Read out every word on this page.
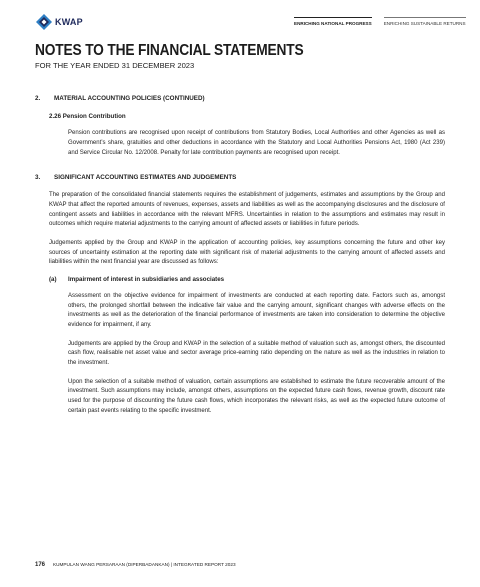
KWAP	ENRICHING NATIONAL PROGRESS	ENRICHING SUSTAINABLE RETURNS
NOTES TO THE FINANCIAL STATEMENTS
FOR THE YEAR ENDED 31 DECEMBER 2023
2.	MATERIAL ACCOUNTING POLICIES (CONTINUED)
2.26 Pension Contribution

Pension contributions are recognised upon receipt of contributions from Statutory Bodies, Local Authorities and other Agencies as well as Government’s share, gratuities and other deductions in accordance with the Statutory and Local Authorities Pensions Act, 1980 (Act 239) and Service Circular No. 12/2008. Penalty for late contribution payments are recognised upon receipt.

3.	SIGNIFICANT ACCOUNTING ESTIMATES AND JUDGEMENTS

The preparation of the consolidated financial statements requires the establishment of judgements, estimates and assumptions by the Group and KWAP that affect the reported amounts of revenues, expenses, assets and liabilities as well as the accompanying disclosures and the disclosure of contingent assets and liabilities in accordance with the relevant MFRS. Uncertainties in relation to the assumptions and estimates may result in outcomes which require material adjustments to the carrying amount of affected assets or liabilities in future periods.

Judgements applied by the Group and KWAP in the application of accounting policies, key assumptions concerning the future and other key sources of uncertainty estimation at the reporting date with significant risk of material adjustments to the carrying amount of affected assets and liabilities within the next financial year are discussed as follows:

(a)	Impairment of interest in subsidiaries and associates

Assessment on the objective evidence for impairment of investments are conducted at each reporting date. Factors such as, amongst others, the prolonged shortfall between the indicative fair value and the carrying amount, significant changes with adverse effects on the investments as well as the deterioration of the financial performance of investments are taken into consideration to determine the objective evidence for impairment, if any.

Judgements are applied by the Group and KWAP in the selection of a suitable method of valuation such as, amongst others, the discounted cash flow, realisable net asset value and sector average price-earning ratio depending on the nature as well as the industries in relation to the investment.

Upon the selection of a suitable method of valuation, certain assumptions are established to estimate the future recoverable amount of the investment. Such assumptions may include, amongst others, assumptions on the expected future cash flows, revenue growth, discount rate used for the purpose of discounting the future cash flows, which incorporates the relevant risks, as well as the expected future outcome of certain past events relating to the specific investment.

176 KUMPULAN WANG PERSARAAN (DIPERBADANKAN) | INTEGRATED REPORT 2023
